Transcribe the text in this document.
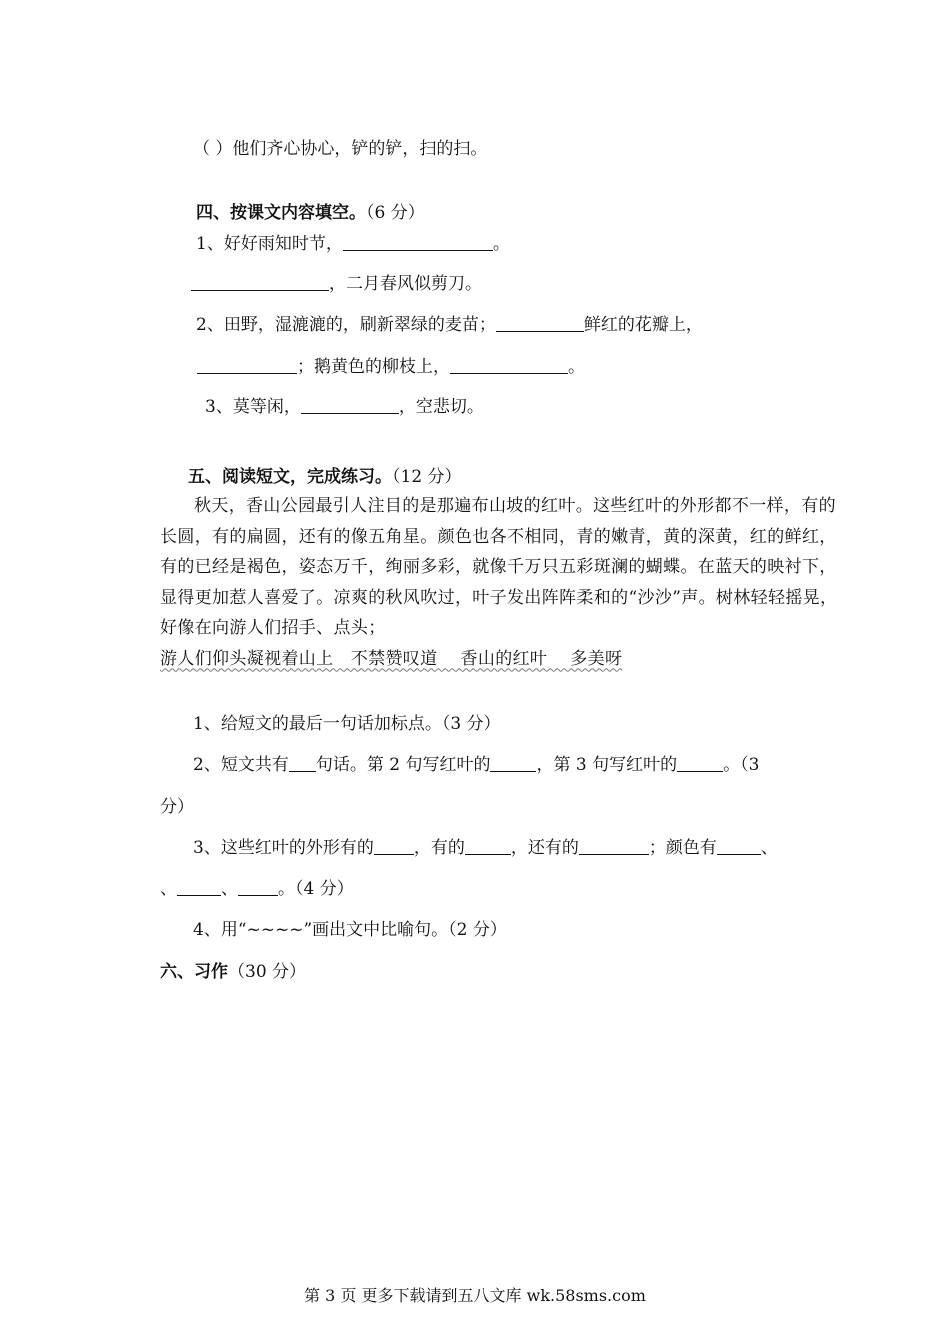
（ ）他们齐心协心，铲的铲，扫的扫。
四、按课文内容填空。（6 分）
1、好好雨知时节，	。
，二月春风似剪刀。
2、田野，湿漉漉的，刷新翠绿的麦苗；	鲜红的花瓣上，
；鹅黄色的柳枝上，	。
3、莫等闲，	，空悲切。
五、阅读短文，完成练习。（12 分）
秋天，香山公园最引人注目的是那遍布山坡的红叶。这些红叶的外形都不一样，有的长圆，有的扁圆，还有的像五角星。颜色也各不相同，青的嫩青，黄的深黄，红的鲜红，有的已经是褐色，姿态万千，绚丽多彩，就像千万只五彩斑澜的蝴蝶。在蓝天的映衬下，显得更加惹人喜爱了。凉爽的秋风吹过，叶子发出阵阵柔和的“沙沙”声。树林轻轻摇晃，好像在向游人们招手、点头；游人们仰头凝视着山上   不禁赞叹道    香山的红叶    多美呀
1、给短文的最后一句话加标点。（3 分）
2、短文共有 句话。第 2 句写红叶的	，第 3 句写红叶的	。（3
分）
3、这些红叶的外形有的 ，有的	，还有的	；颜色有	、
、	、 。（4 分）
4、用“~~~~”画出文中比喻句。（2 分）
六、习作（30 分）
第 3 页 更多下载请到五八文库 wk.58sms.com
